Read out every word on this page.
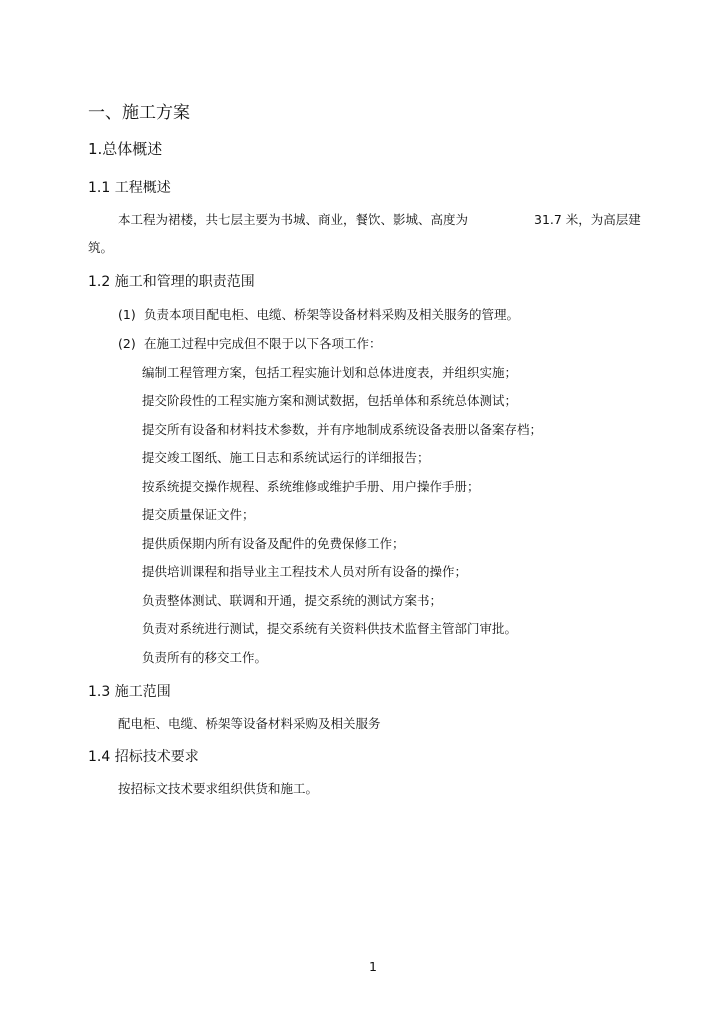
一、施工方案
1.总体概述
1.1 工程概述
本工程为裙楼，共七层主要为书城、商业，餐饮、影城、高度为	31.7 米，为高层建
筑。
1.2 施工和管理的职责范围
(1) 负责本项目配电柜、电缆、桥架等设备材料采购及相关服务的管理。
(2) 在施工过程中完成但不限于以下各项工作：
编制工程管理方案，包括工程实施计划和总体进度表，并组织实施；
提交阶段性的工程实施方案和测试数据，包括单体和系统总体测试；
提交所有设备和材料技术参数，并有序地制成系统设备表册以备案存档；
提交竣工图纸、施工日志和系统试运行的详细报告；
按系统提交操作规程、系统维修或维护手册、用户操作手册；
提交质量保证文件；
提供质保期内所有设备及配件的免费保修工作；
提供培训课程和指导业主工程技术人员对所有设备的操作；
负责整体测试、联调和开通，提交系统的测试方案书；
负责对系统进行测试，提交系统有关资料供技术监督主管部门审批。
负责所有的移交工作。
1.3 施工范围
配电柜、电缆、桥架等设备材料采购及相关服务
1.4 招标技术要求
按招标文技术要求组织供货和施工。
1
